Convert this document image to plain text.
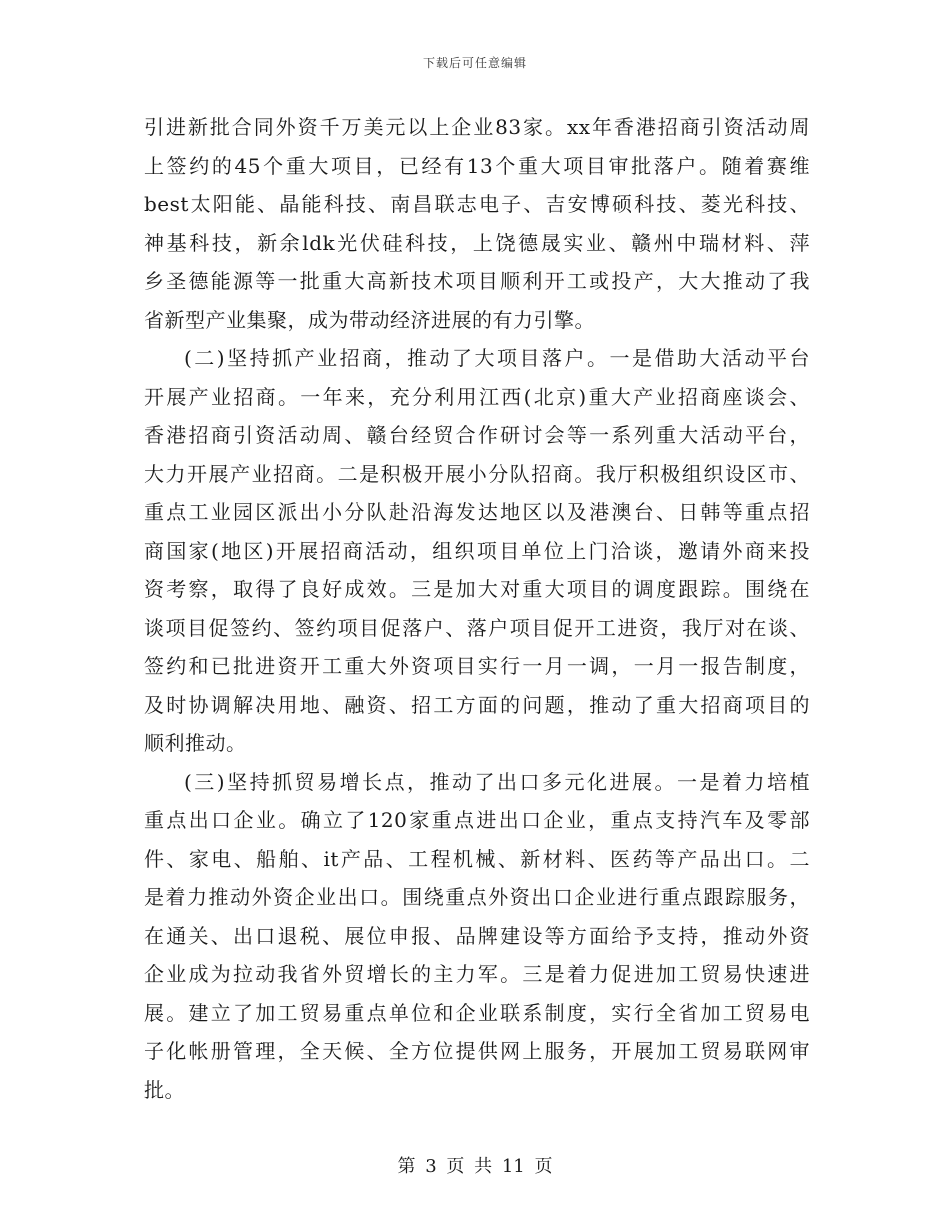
下载后可任意编辑
引进新批合同外资千万美元以上企业83家。xx年香港招商引资活动周
上签约的45个重大项目，已经有13个重大项目审批落户。随着赛维
best太阳能、晶能科技、南昌联志电子、吉安博硕科技、菱光科技、
神基科技，新余ldk光伏硅科技，上饶德晟实业、赣州中瑞材料、萍
乡圣德能源等一批重大高新技术项目顺利开工或投产，大大推动了我
省新型产业集聚，成为带动经济进展的有力引擎。
(二)坚持抓产业招商，推动了大项目落户。一是借助大活动平台
开展产业招商。一年来，充分利用江西(北京)重大产业招商座谈会、
香港招商引资活动周、赣台经贸合作研讨会等一系列重大活动平台，
大力开展产业招商。二是积极开展小分队招商。我厅积极组织设区市、
重点工业园区派出小分队赴沿海发达地区以及港澳台、日韩等重点招
商国家(地区)开展招商活动，组织项目单位上门洽谈，邀请外商来投
资考察，取得了良好成效。三是加大对重大项目的调度跟踪。围绕在
谈项目促签约、签约项目促落户、落户项目促开工进资，我厅对在谈、
签约和已批进资开工重大外资项目实行一月一调，一月一报告制度，
及时协调解决用地、融资、招工方面的问题，推动了重大招商项目的
顺利推动。
(三)坚持抓贸易增长点，推动了出口多元化进展。一是着力培植
重点出口企业。确立了120家重点进出口企业，重点支持汽车及零部
件、家电、船舶、it产品、工程机械、新材料、医药等产品出口。二
是着力推动外资企业出口。围绕重点外资出口企业进行重点跟踪服务，
在通关、出口退税、展位申报、品牌建设等方面给予支持，推动外资
企业成为拉动我省外贸增长的主力军。三是着力促进加工贸易快速进
展。建立了加工贸易重点单位和企业联系制度，实行全省加工贸易电
子化帐册管理，全天候、全方位提供网上服务，开展加工贸易联网审
批。
第 3 页 共 11 页
